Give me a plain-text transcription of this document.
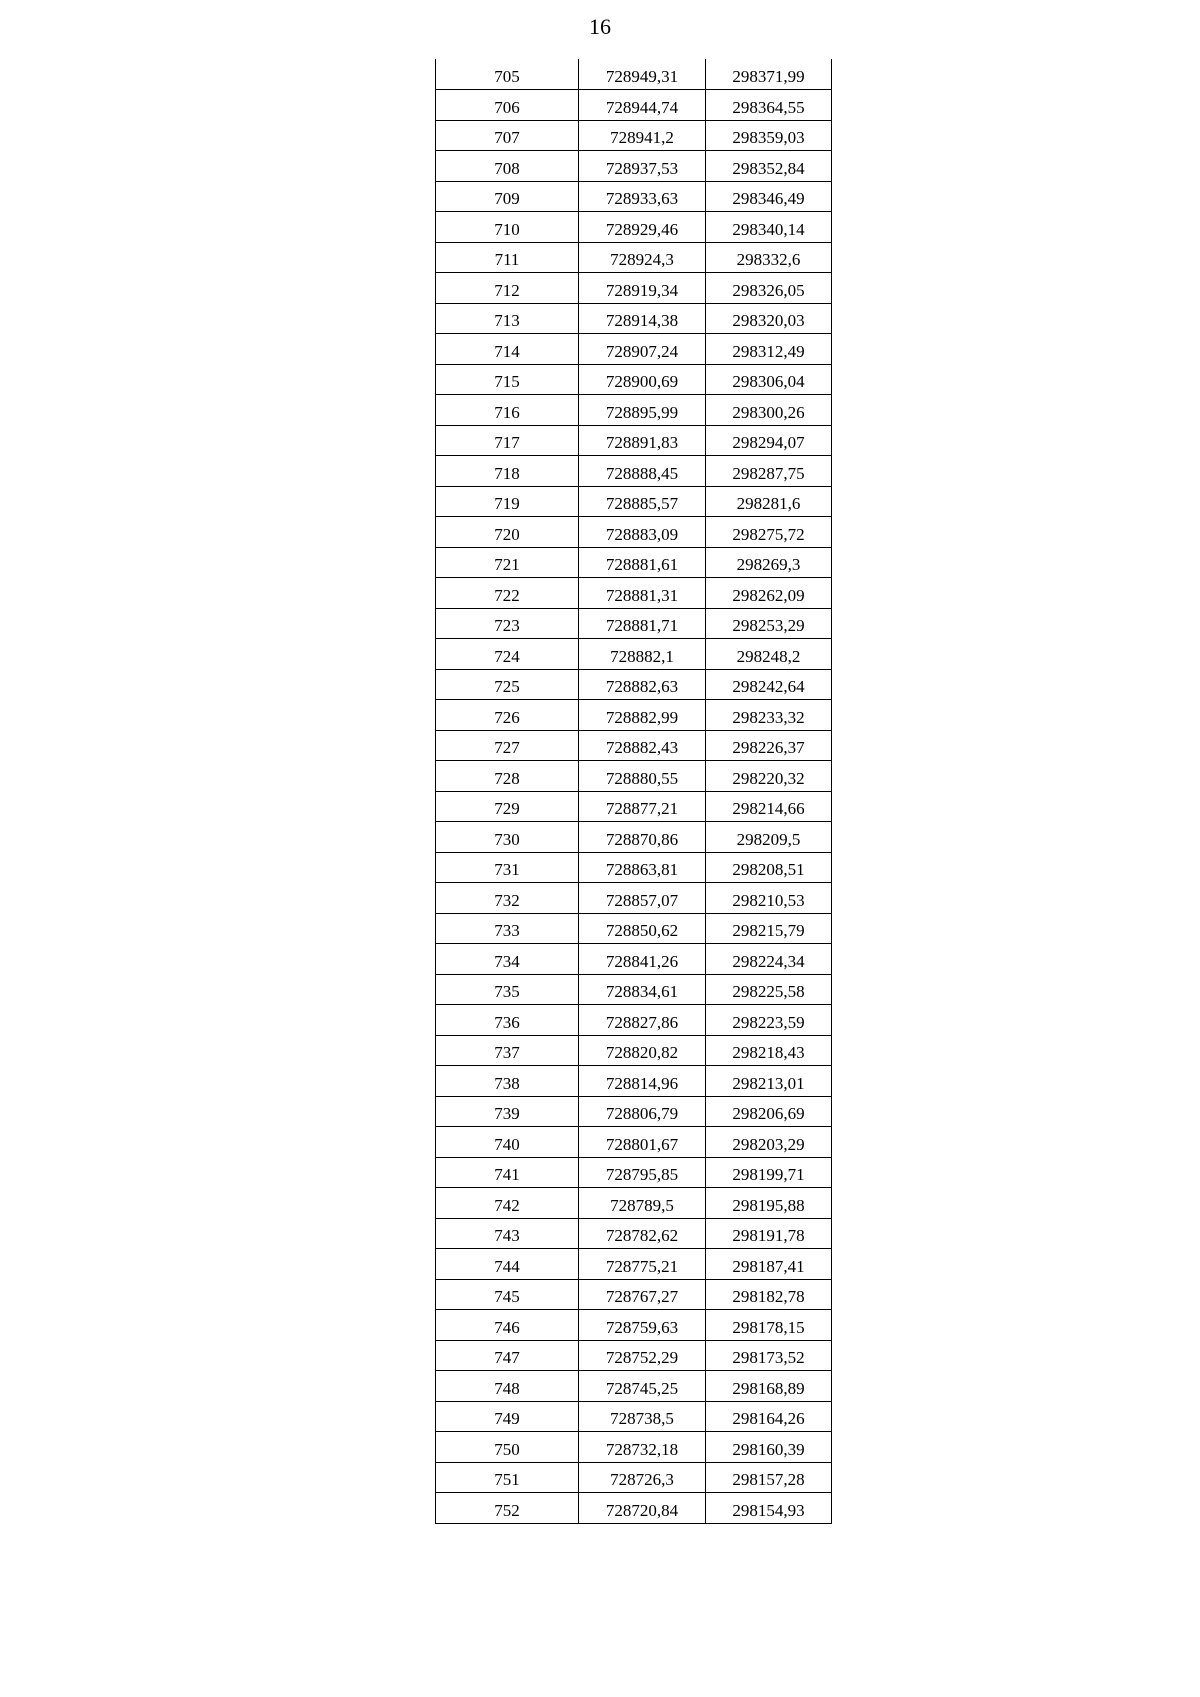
16
705	728949,31	298371,99
706	728944,74	298364,55
707	728941,2	298359,03
708	728937,53	298352,84
709	728933,63	298346,49
710	728929,46	298340,14
711	728924,3	298332,6
712	728919,34	298326,05
713	728914,38	298320,03
714	728907,24	298312,49
715	728900,69	298306,04
716	728895,99	298300,26
717	728891,83	298294,07
718	728888,45	298287,75
719	728885,57	298281,6
720	728883,09	298275,72
721	728881,61	298269,3
722	728881,31	298262,09
723	728881,71	298253,29
724	728882,1	298248,2
725	728882,63	298242,64
726	728882,99	298233,32
727	728882,43	298226,37
728	728880,55	298220,32
729	728877,21	298214,66
730	728870,86	298209,5
731	728863,81	298208,51
732	728857,07	298210,53
733	728850,62	298215,79
734	728841,26	298224,34
735	728834,61	298225,58
736	728827,86	298223,59
737	728820,82	298218,43
738	728814,96	298213,01
739	728806,79	298206,69
740	728801,67	298203,29
741	728795,85	298199,71
742	728789,5	298195,88
743	728782,62	298191,78
744	728775,21	298187,41
745	728767,27	298182,78
746	728759,63	298178,15
747	728752,29	298173,52
748	728745,25	298168,89
749	728738,5	298164,26
750	728732,18	298160,39
751	728726,3	298157,28
752	728720,84	298154,93
